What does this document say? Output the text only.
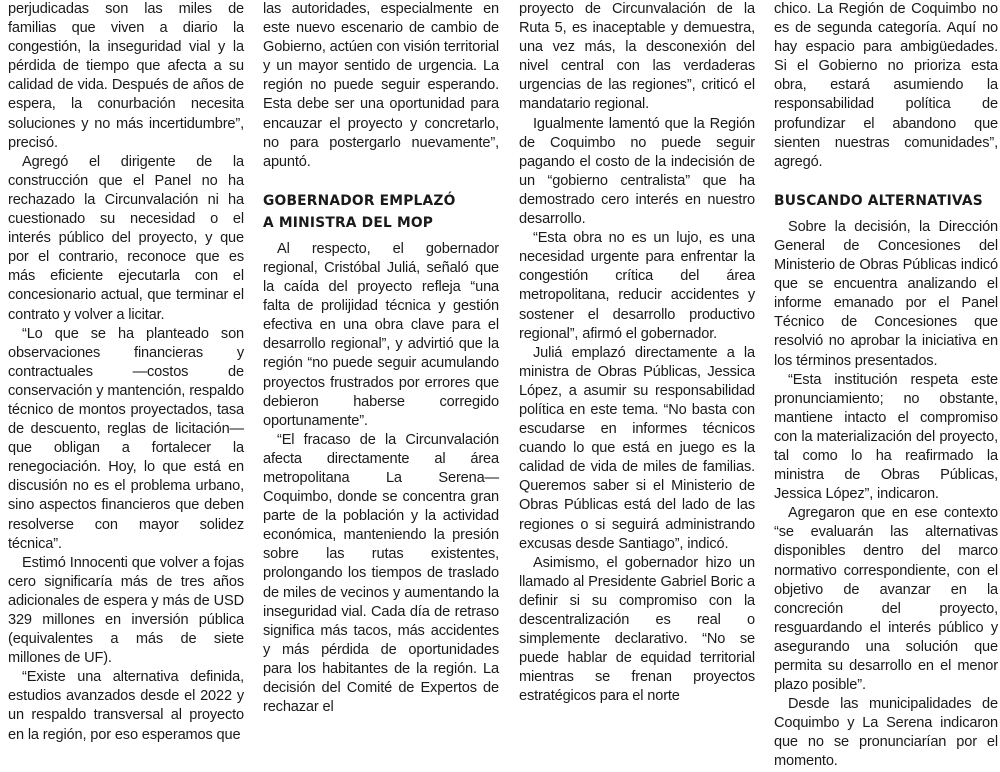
perjudicadas son las miles de familias que viven a diario la congestión, la inseguridad vial y la pérdida de tiempo que afecta a su calidad de vida. Después de años de espera, la conurbación necesita soluciones y no más incertidumbre”, precisó.

Agregó el dirigente de la construcción que el Panel no ha rechazado la Circunvalación ni ha cuestionado su necesidad o el interés público del proyecto, y que por el contrario, reconoce que es más eficiente ejecutarla con el concesionario actual, que terminar el contrato y volver a licitar.

“Lo que se ha planteado son observaciones financieras y contractuales —costos de conservación y mantención, respaldo técnico de montos proyectados, tasa de descuento, reglas de licitación— que obligan a fortalecer la renegociación. Hoy, lo que está en discusión no es el problema urbano, sino aspectos financieros que deben resolverse con mayor solidez técnica”.

Estimó Innocenti que volver a fojas cero significaría más de tres años adicionales de espera y más de USD 329 millones en inversión pública (equivalentes a más de siete millones de UF).

“Existe una alternativa definida, estudios avanzados desde el 2022 y un respaldo transversal al proyecto en la región, por eso esperamos que

las autoridades, especialmente en este nuevo escenario de cambio de Gobierno, actúen con visión territorial y un mayor sentido de urgencia. La región no puede seguir esperando. Esta debe ser una oportunidad para encauzar el proyecto y concretarlo, no para postergarlo nuevamente”, apuntó.

GOBERNADOR EMPLAZÓ
A MINISTRA DEL MOP

Al respecto, el gobernador regional, Cristóbal Juliá, señaló que la caída del proyecto refleja “una falta de prolijidad técnica y gestión efectiva en una obra clave para el desarrollo regional”, y advirtió que la región “no puede seguir acumulando proyectos frustrados por errores que debieron haberse corregido oportunamente”.

“El fracaso de la Circunvalación afecta directamente al área metropolitana La Serena—Coquimbo, donde se concentra gran parte de la población y la actividad económica, manteniendo la presión sobre las rutas existentes, prolongando los tiempos de traslado de miles de vecinos y aumentando la inseguridad vial. Cada día de retraso significa más tacos, más accidentes y más pérdida de oportunidades para los habitantes de la región. La decisión del Comité de Expertos de rechazar el

proyecto de Circunvalación de la Ruta 5, es inaceptable y demuestra, una vez más, la desconexión del nivel central con las verdaderas urgencias de las regiones”, criticó el mandatario regional.

Igualmente lamentó que la Región de Coquimbo no puede seguir pagando el costo de la indecisión de un “gobierno centralista” que ha demostrado cero interés en nuestro desarrollo.

“Esta obra no es un lujo, es una necesidad urgente para enfrentar la congestión crítica del área metropolitana, reducir accidentes y sostener el desarrollo productivo regional”, afirmó el gobernador.

Juliá emplazó directamente a la ministra de Obras Públicas, Jessica López, a asumir su responsabilidad política en este tema. “No basta con escudarse en informes técnicos cuando lo que está en juego es la calidad de vida de miles de familias. Queremos saber si el Ministerio de Obras Públicas está del lado de las regiones o si seguirá administrando excusas desde Santiago”, indicó.

Asimismo, el gobernador hizo un llamado al Presidente Gabriel Boric a definir si su compromiso con la descentralización es real o simplemente declarativo. “No se puede hablar de equidad territorial mientras se frenan proyectos estratégicos para el norte

chico. La Región de Coquimbo no es de segunda categoría. Aquí no hay espacio para ambigüedades. Si el Gobierno no prioriza esta obra, estará asumiendo la responsabilidad política de profundizar el abandono que sienten nuestras comunidades”, agregó.

BUSCANDO ALTERNATIVAS

Sobre la decisión, la Dirección General de Concesiones del Ministerio de Obras Públicas indicó que se encuentra analizando el informe emanado por el Panel Técnico de Concesiones que resolvió no aprobar la iniciativa en los términos presentados.

“Esta institución respeta este pronunciamiento; no obstante, mantiene intacto el compromiso con la materialización del proyecto, tal como lo ha reafirmado la ministra de Obras Públicas, Jessica López”, indicaron.

Agregaron que en ese contexto “se evaluarán las alternativas disponibles dentro del marco normativo correspondiente, con el objetivo de avanzar en la concreción del proyecto, resguardando el interés público y asegurando una solución que permita su desarrollo en el menor plazo posible”.

Desde las municipalidades de Coquimbo y La Serena indicaron que no se pronunciarían por el momento.
